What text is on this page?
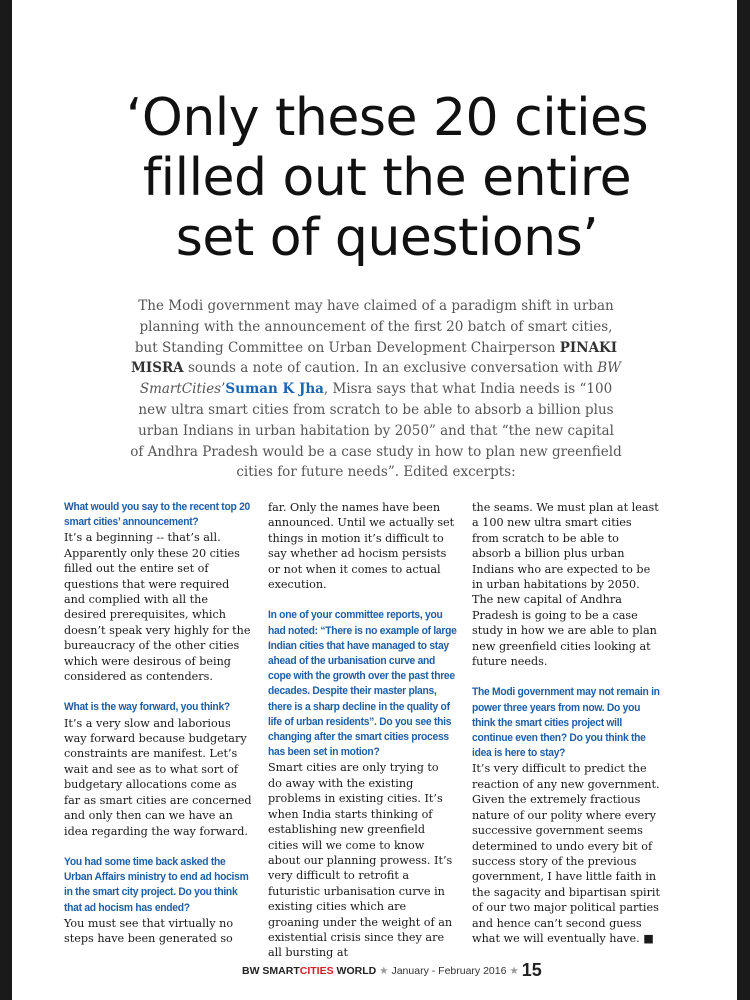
‘Only these 20 cities
filled out the entire
set of questions’
The Modi government may have claimed of a paradigm shift in urban planning with the announcement of the first 20 batch of smart cities, but Standing Committee on Urban Development Chairperson PINAKI MISRA sounds a note of caution. In an exclusive conversation with BW SmartCities’Suman K Jha, Misra says that what India needs is “100 new ultra smart cities from scratch to be able to absorb a billion plus urban Indians in urban habitation by 2050” and that “the new capital of Andhra Pradesh would be a case study in how to plan new greenfield cities for future needs”. Edited excerpts:
What would you say to the recent top 20 smart cities’ announcement?
It’s a beginning -- that’s all. Apparently only these 20 cities filled out the entire set of questions that were required and complied with all the desired prerequisites, which doesn’t speak very highly for the bureaucracy of the other cities which were desirous of being considered as contenders.
What is the way forward, you think?
It’s a very slow and laborious way forward because budgetary constraints are manifest. Let’s wait and see as to what sort of budgetary allocations come as far as smart cities are concerned and only then can we have an idea regarding the way forward.
You had some time back asked the Urban Affairs ministry to end ad hocism in the smart city project. Do you think that ad hocism has ended?
You must see that virtually no steps have been generated so
far. Only the names have been announced. Until we actually set things in motion it’s difficult to say whether ad hocism persists or not when it comes to actual execution.
In one of your committee reports, you had noted: “There is no example of large Indian cities that have managed to stay ahead of the urbanisation curve and cope with the growth over the past three decades. Despite their master plans, there is a sharp decline in the quality of life of urban residents”. Do you see this changing after the smart cities process has been set in motion?
Smart cities are only trying to do away with the existing problems in existing cities. It’s when India starts thinking of establishing new greenfield cities will we come to know about our planning prowess. It’s very difficult to retrofit a futuristic urbanisation curve in existing cities which are groaning under the weight of an existential crisis since they are all bursting at
the seams. We must plan at least a 100 new ultra smart cities from scratch to be able to absorb a billion plus urban Indians who are expected to be in urban habitations by 2050. The new capital of Andhra Pradesh is going to be a case study in how we are able to plan new greenfield cities looking at future needs.
The Modi government may not remain in power three years from now. Do you think the smart cities project will continue even then? Do you think the idea is here to stay?
It’s very difficult to predict the reaction of any new government. Given the extremely fractious nature of our polity where every successive government seems determined to undo every bit of success story of the previous government, I have little faith in the sagacity and bipartisan spirit of our two major political parties and hence can’t second guess what we will eventually have. ■
BW SMARTCITIES WORLD ★ January - February 2016 ★ 15
